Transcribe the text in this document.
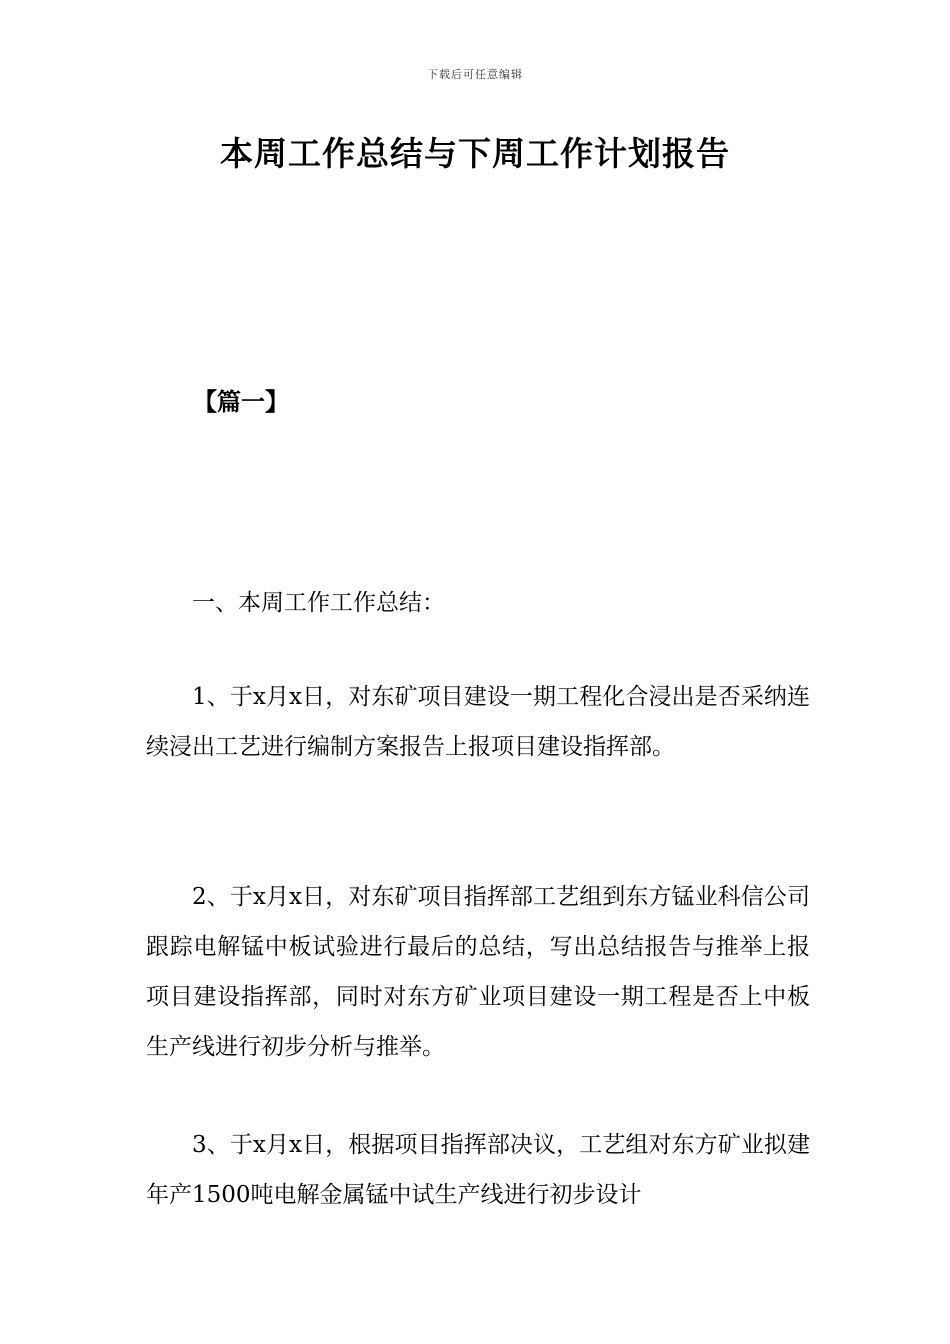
下载后可任意编辑
本周工作总结与下周工作计划报告
【篇一】

一、本周工作工作总结：

1、于x月x日，对东矿项目建设一期工程化合浸出是否采纳连续浸出工艺进行编制方案报告上报项目建设指挥部。

2、于x月x日，对东矿项目指挥部工艺组到东方锰业科信公司跟踪电解锰中板试验进行最后的总结，写出总结报告与推举上报项目建设指挥部，同时对东方矿业项目建设一期工程是否上中板生产线进行初步分析与推举。

3、于x月x日，根据项目指挥部决议，工艺组对东方矿业拟建年产1500吨电解金属锰中试生产线进行初步设计
